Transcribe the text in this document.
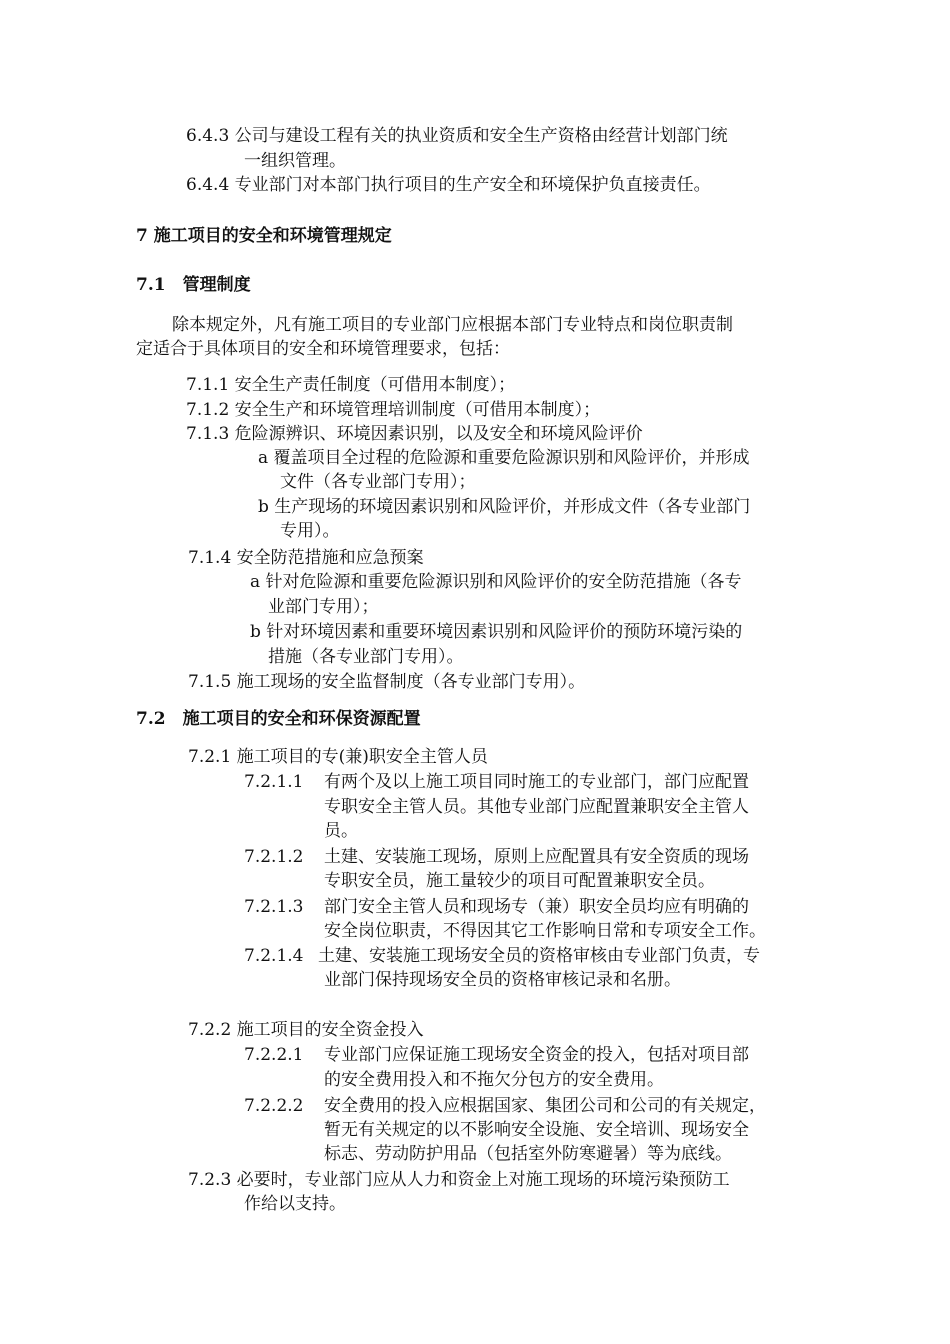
6.4.3 公司与建设工程有关的执业资质和安全生产资格由经营计划部门统
一组织管理。
6.4.4 专业部门对本部门执行项目的生产安全和环境保护负直接责任。
7 施工项目的安全和环境管理规定
7.1　管理制度
除本规定外，凡有施工项目的专业部门应根据本部门专业特点和岗位职责制
定适合于具体项目的安全和环境管理要求，包括：
7.1.1 安全生产责任制度（可借用本制度）；
7.1.2 安全生产和环境管理培训制度（可借用本制度）；
7.1.3 危险源辨识、环境因素识别，以及安全和环境风险评价
a 覆盖项目全过程的危险源和重要危险源识别和风险评价，并形成
文件（各专业部门专用）；
b 生产现场的环境因素识别和风险评价，并形成文件（各专业部门
专用）。
7.1.4 安全防范措施和应急预案
a 针对危险源和重要危险源识别和风险评价的安全防范措施（各专
业部门专用）；
b 针对环境因素和重要环境因素识别和风险评价的预防环境污染的
措施（各专业部门专用）。
7.1.5 施工现场的安全监督制度（各专业部门专用）。
7.2　施工项目的安全和环保资源配置
7.2.1 施工项目的专(兼)职安全主管人员
7.2.1.1 有两个及以上施工项目同时施工的专业部门，部门应配置
专职安全主管人员。其他专业部门应配置兼职安全主管人
员。
7.2.1.2 土建、安装施工现场，原则上应配置具有安全资质的现场
专职安全员，施工量较少的项目可配置兼职安全员。
7.2.1.3 部门安全主管人员和现场专（兼）职安全员均应有明确的
安全岗位职责，不得因其它工作影响日常和专项安全工作。
7.2.1.4 土建、安装施工现场安全员的资格审核由专业部门负责，专
业部门保持现场安全员的资格审核记录和名册。
7.2.2 施工项目的安全资金投入
7.2.2.1 专业部门应保证施工现场安全资金的投入，包括对项目部
的安全费用投入和不拖欠分包方的安全费用。
7.2.2.2 安全费用的投入应根据国家、集团公司和公司的有关规定，
暂无有关规定的以不影响安全设施、安全培训、现场安全
标志、劳动防护用品（包括室外防寒避暑）等为底线。
7.2.3 必要时，专业部门应从人力和资金上对施工现场的环境污染预防工
作给以支持。
